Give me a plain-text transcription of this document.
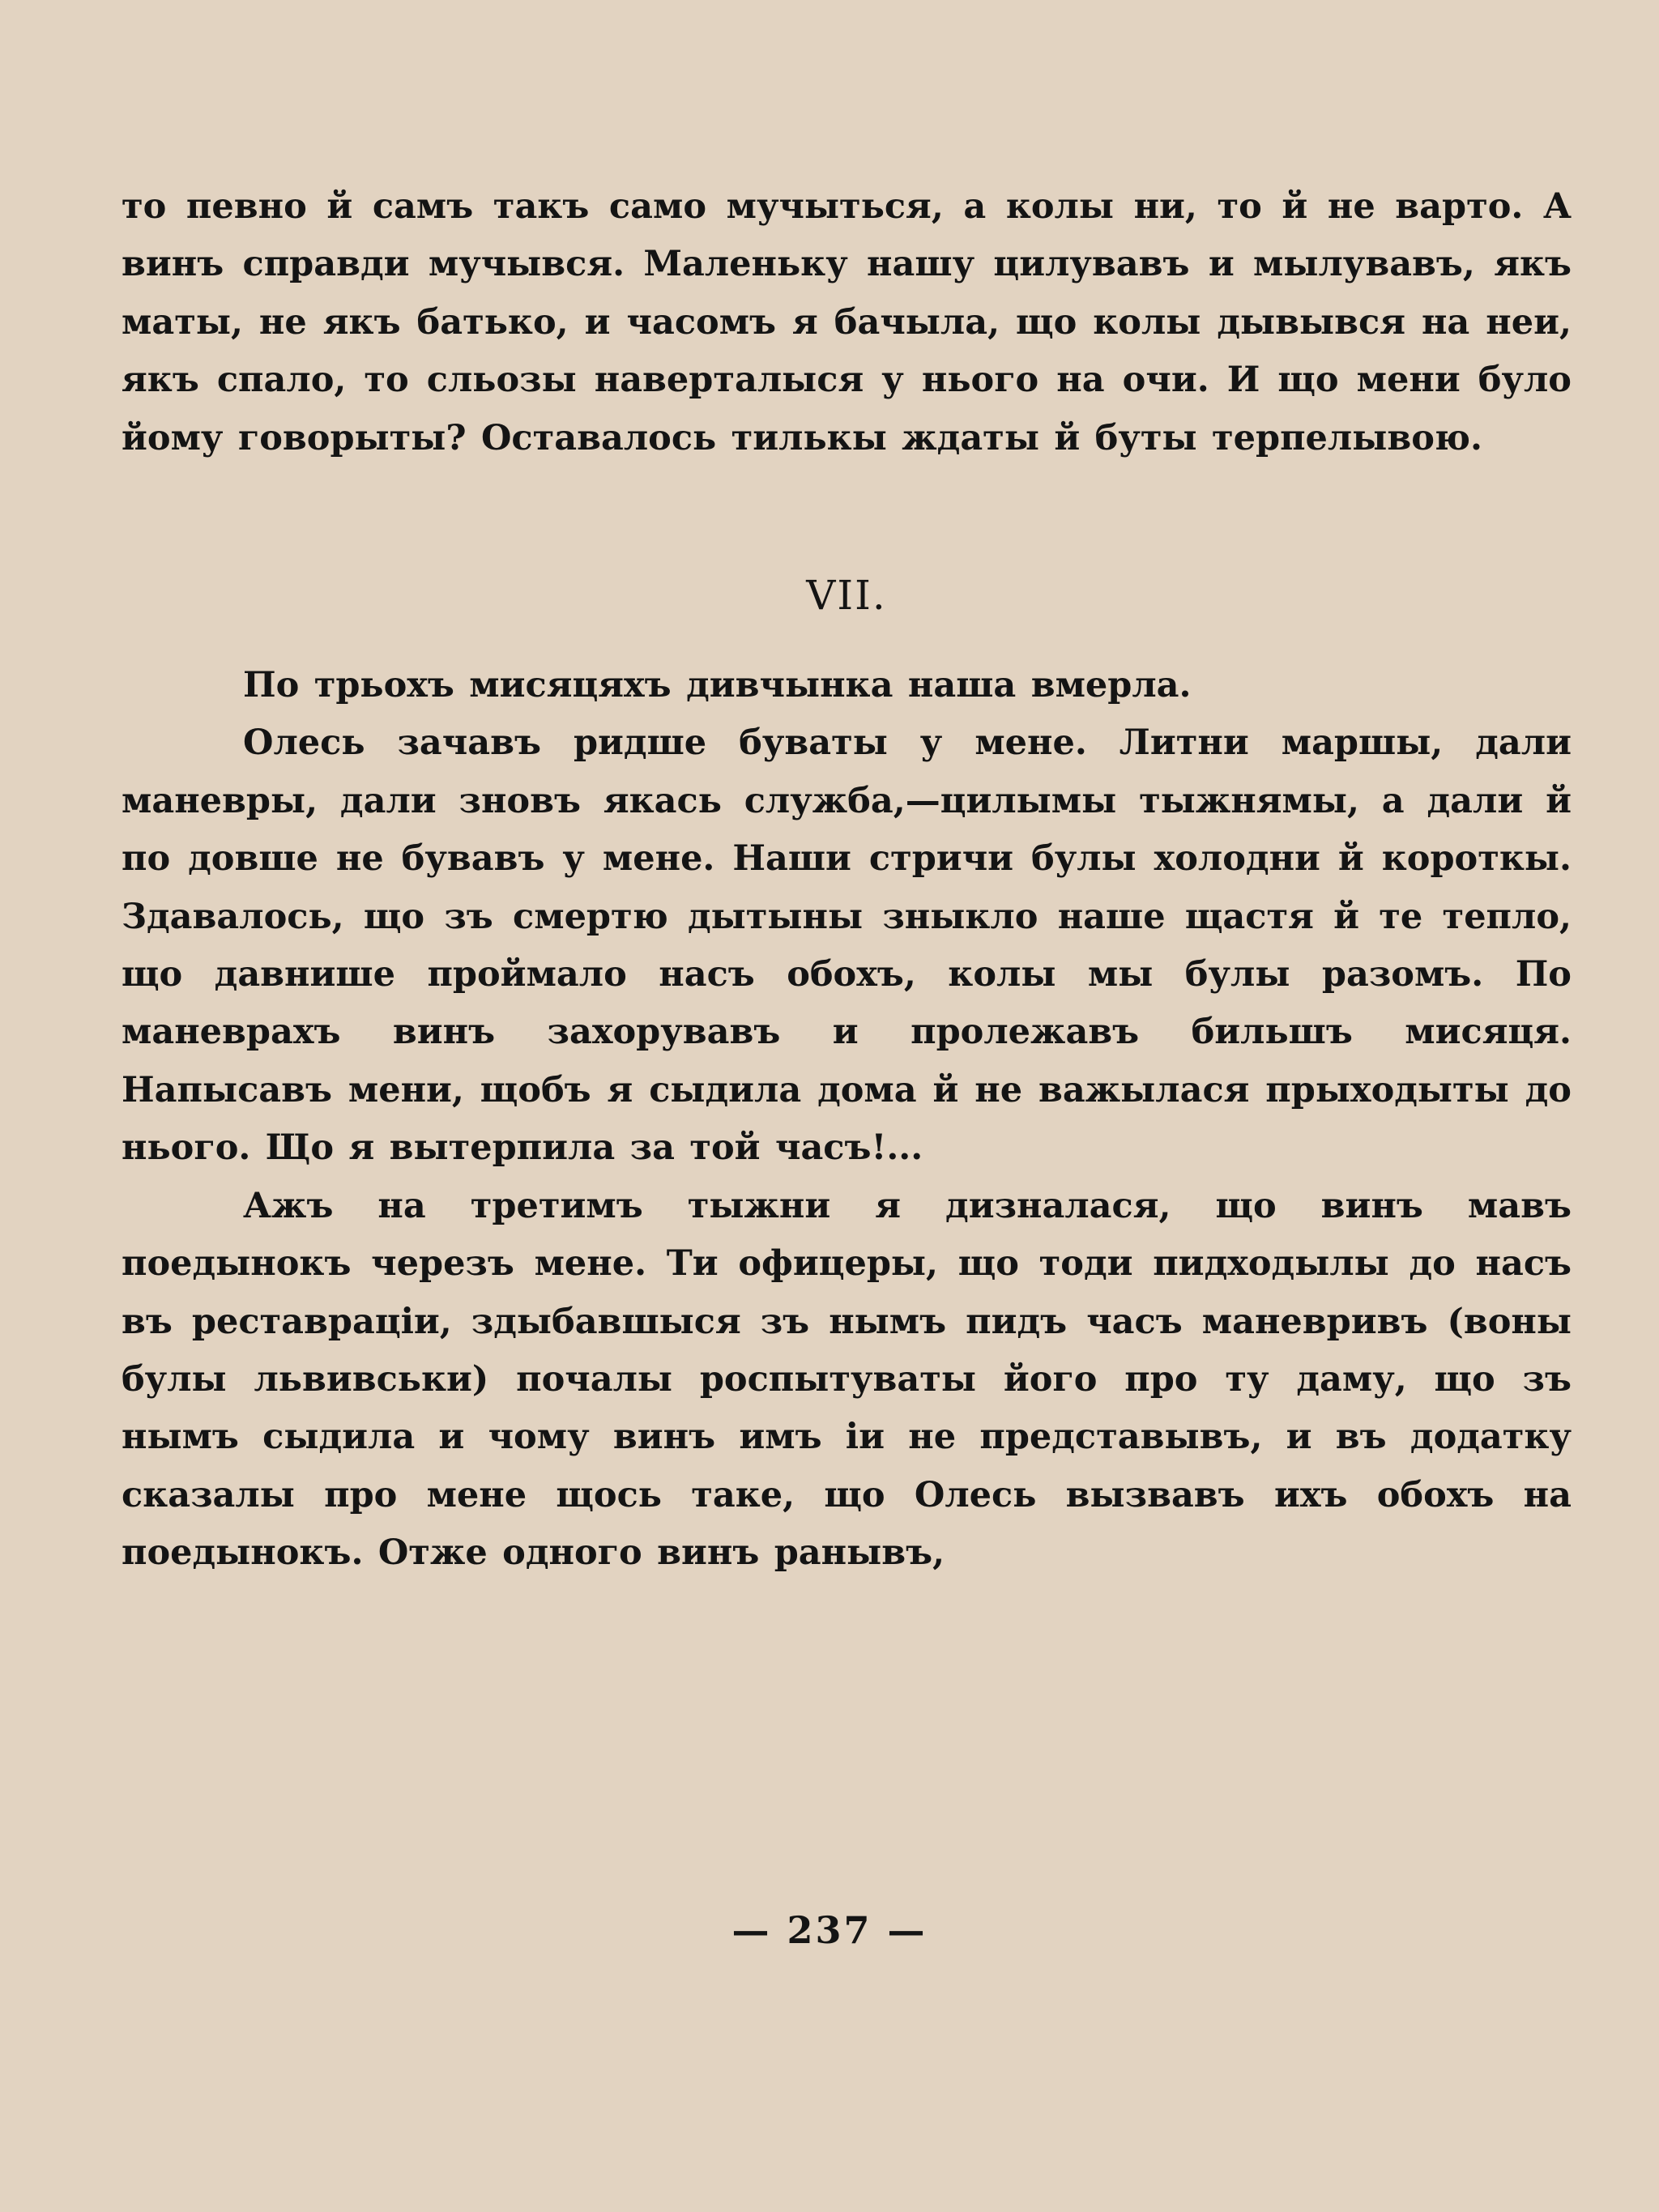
то певно й самъ такъ само мучыться, а колы ни, то й не варто. А винъ справди мучывся. Маленьку нашу цилувавъ и мылувавъ, якъ маты, не якъ батько, и часомъ я бачыла, що колы дывывся на неи, якъ спало, то сльозы наверталыся у нього на очи. И що мени було йому говорыты? Оставалось тилькы ждаты й буты терпелывою.

VII.

По трьохъ мисяцяхъ дивчынка наша вмерла.

Олесь зачавъ ридше буваты у мене. Литни маршы, дали маневры, дали зновъ якась служба,—цилымы тыжнямы, а дали й по довше не бувавъ у мене. Наши стричи булы холодни й короткы. Здавалось, що зъ смертю дытыны зныкло наше щастя й те тепло, що давнише проймало насъ обохъ, колы мы булы разомъ. По маневрахъ винъ захорувавъ и пролежавъ бильшъ мисяця. Напысавъ мени, щобъ я сыдила дома й не важылася прыходыты до нього. Що я вытерпила за той часъ!...

Ажъ на третимъ тыжни я дизналася, що винъ мавъ поедынокъ черезъ мене. Ти офицеры, що тоди пидходылы до насъ въ реставраціи, здыбавшыся зъ нымъ пидъ часъ маневривъ (воны булы львивськи) почалы роспытуваты його про ту даму, що зъ нымъ сыдила и чому винъ имъ іи не представывъ, и въ додатку сказалы про мене щось таке, що Олесь вызвавъ ихъ обохъ на поедынокъ. Отже одного винъ ранывъ,

— 237 —
